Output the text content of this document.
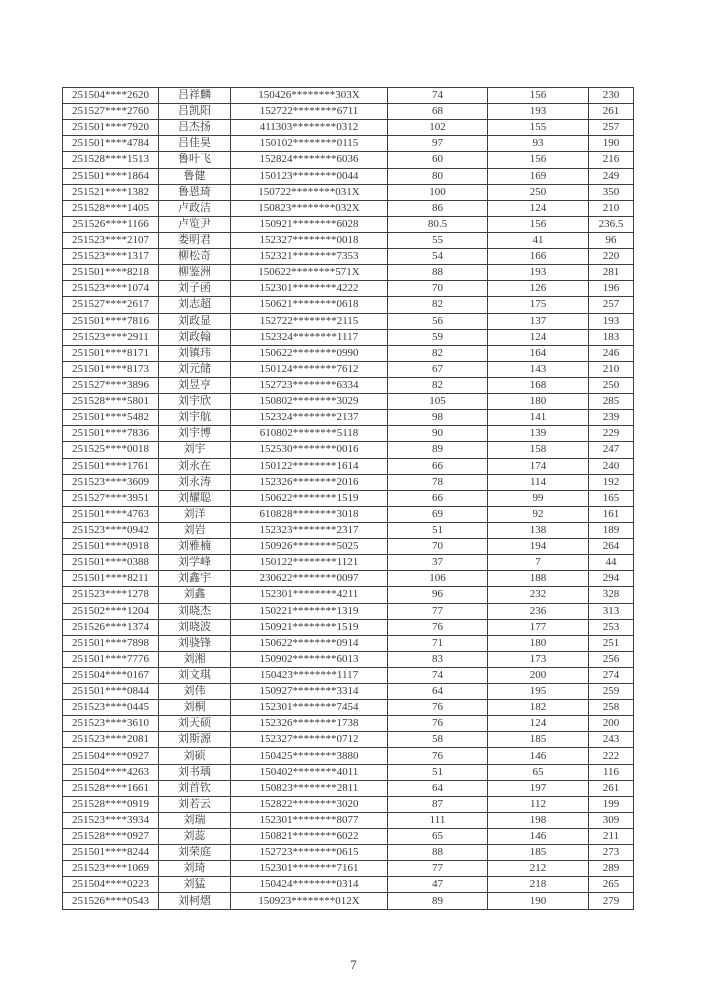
251504****2620	吕祥麟	150426********303X	74	156	230
251527****2760	吕凯阳	152722********6711	68	193	261
251501****7920	吕杰扬	411303********0312	102	155	257
251501****4784	吕佳昊	150102********0115	97	93	190
251528****1513	鲁叶飞	152824********6036	60	156	216
251501****1864	鲁健	150123********0044	80	169	249
251521****1382	鲁恩琦	150722********031X	100	250	350
251528****1405	卢政洁	150823********032X	86	124	210
251526****1166	卢览尹	150921********6028	80.5	156	236.5
251523****2107	娄明君	152327********0018	55	41	96
251523****1317	柳松奇	152321********7353	54	166	220
251501****8218	柳鉴洲	150622********571X	88	193	281
251523****1074	刘子函	152301********4222	70	126	196
251527****2617	刘志超	150621********0618	82	175	257
251501****7816	刘政显	152722********2115	56	137	193
251523****2911	刘政翰	152324********1117	59	124	183
251501****8171	刘镇玮	150622********0990	82	164	246
251501****8173	刘元储	150124********7612	67	143	210
251527****3896	刘昱亨	152723********6334	82	168	250
251528****5801	刘宇欣	150802********3029	105	180	285
251501****5482	刘宇航	152324********2137	98	141	239
251501****7836	刘宇博	610802********5118	90	139	229
251525****0018	刘宇	152530********0016	89	158	247
251501****1761	刘永在	150122********1614	66	174	240
251523****3609	刘永涛	152326********2016	78	114	192
251527****3951	刘耀聪	150622********1519	66	99	165
251501****4763	刘洋	610828********3018	69	92	161
251523****0942	刘岩	152323********2317	51	138	189
251501****0918	刘雅楠	150926********5025	70	194	264
251501****0388	刘学峰	150122********1121	37	7	44
251501****8211	刘鑫宇	230622********0097	106	188	294
251523****1278	刘鑫	152301********4211	96	232	328
251502****1204	刘晓杰	150221********1319	77	236	313
251526****1374	刘晓波	150921********1519	76	177	253
251501****7898	刘骁锋	150622********0914	71	180	251
251501****7776	刘湘	150902********6013	83	173	256
251504****0167	刘文琪	150423********1117	74	200	274
251501****0844	刘伟	150927********3314	64	195	259
251523****0445	刘桐	152301********7454	76	182	258
251523****3610	刘天硕	152326********1738	76	124	200
251523****2081	刘斯源	152327********0712	58	185	243
251504****0927	刘硕	150425********3880	76	146	222
251504****4263	刘书瑀	150402********4011	51	65	116
251528****1661	刘首钦	150823********2811	64	197	261
251528****0919	刘若云	152822********3020	87	112	199
251523****3934	刘瑞	152301********8077	111	198	309
251528****0927	刘蕊	150821********6022	65	146	211
251501****8244	刘荣庭	152723********0615	88	185	273
251523****1069	刘琦	152301********7161	77	212	289
251504****0223	刘猛	150424********0314	47	218	265
251526****0543	刘柯熠	150923********012X	89	190	279
7
